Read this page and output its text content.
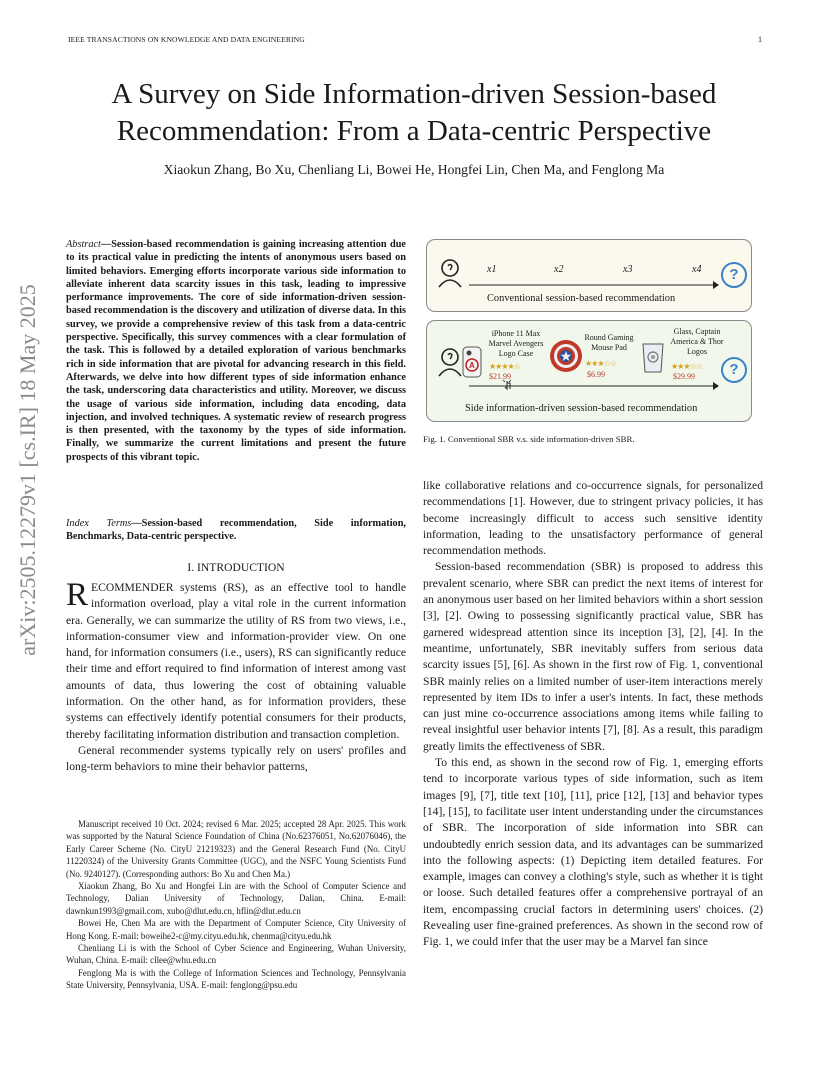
IEEE TRANSACTIONS ON KNOWLEDGE AND DATA ENGINEERING	1
A Survey on Side Information-driven Session-based
Recommendation: From a Data-centric Perspective
Xiaokun Zhang, Bo Xu, Chenliang Li, Bowei He, Hongfei Lin, Chen Ma, and Fenglong Ma
arXiv:2505.12279v1 [cs.IR] 18 May 2025
Abstract—Session-based recommendation is gaining increasing attention due to its practical value in predicting the intents of anonymous users based on limited behaviors. Emerging efforts incorporate various side information to alleviate inherent data scarcity issues in this task, leading to impressive performance improvements. The core of side information-driven session-based recommendation is the discovery and utilization of diverse data. In this survey, we provide a comprehensive review of this task from a data-centric perspective. Specifically, this survey commences with a clear formulation of the task. This is followed by a detailed exploration of various benchmarks rich in side information that are pivotal for advancing research in this field. Afterwards, we delve into how different types of side information enhance the task, underscoring data characteristics and utility. Moreover, we discuss the usage of various side information, including data encoding, data injection, and involved techniques. A systematic review of research progress is then presented, with the taxonomy by the types of side information. Finally, we summarize the current limitations and present the future prospects of this vibrant topic.
Index Terms—Session-based recommendation, Side information, Benchmarks, Data-centric perspective.
I. INTRODUCTION

RECOMMENDER systems (RS), as an effective tool to handle information overload, play a vital role in the current information era. Generally, we can summarize the utility of RS from two views, i.e., information-consumer view and information-provider view. On one hand, for information consumers (i.e., users), RS can significantly reduce their time and effort required to find information of interest among vast amounts of data, thus lowering the cost of obtaining valuable information. On the other hand, as for information providers, these systems can effectively identify potential consumers for their products, thereby facilitating information distribution and transaction completion.

General recommender systems typically rely on users' profiles and long-term behaviors to mine their behavior patterns,

Manuscript received 10 Oct. 2024; revised 6 Mar. 2025; accepted 28 Apr. 2025. This work was supported by the Natural Science Foundation of China (No.62376051, No.62076046), the Early Career Scheme (No. CityU 21219323) and the General Research Fund (No. CityU 11220324) of the University Grants Committee (UGC), and the NSFC Young Scientists Fund (No. 9240127). (Corresponding authors: Bo Xu and Chen Ma.)

Xiaokun Zhang, Bo Xu and Hongfei Lin are with the School of Computer Science and Technology, Dalian University of Technology, Dalian, China. E-mail: dawnkun1993@gmail.com, xubo@dlut.edu.cn, hflin@dlut.edu.cn

Bowei He, Chen Ma are with the Department of Computer Science, City University of Hong Kong. E-mail: boweihe2-c@my.cityu.edu.hk, chenma@cityu.edu.hk

Chenliang Li is with the School of Cyber Science and Engineering, Wuhan University, Wuhan, China. E-mail: cllee@whu.edu.cn

Fenglong Ma is with the College of Information Sciences and Technology, Pennsylvania State University, Pennsylvania, USA. E-mail: fenglong@psu.edu

x1	x2	x3	x4	?
Conventional session-based recommendation
A
iPhone 11 Max Marvel Avengers Logo Case
★★★★☆
$21.99
Round Gaming Mouse Pad
★★★☆☆
$6.99
Glass, Captain America & Thor Logos
★★★☆☆
$29.99	?
Side information-driven session-based recommendation
Fig. 1. Conventional SBR v.s. side information-driven SBR.

like collaborative relations and co-occurrence signals, for personalized recommendations [1]. However, due to stringent privacy policies, it has become increasingly difficult to access such sensitive identity information, leading to the unsatisfactory performance of general recommendation methods.

Session-based recommendation (SBR) is proposed to address this prevalent scenario, where SBR can predict the next items of interest for an anonymous user based on her limited behaviors within a short session [3], [2]. Owing to possessing significantly practical value, SBR has garnered widespread attention since its inception [3], [2], [4]. In the meantime, unfortunately, SBR inevitably suffers from serious data scarcity issues [5], [6]. As shown in the first row of Fig. 1, conventional SBR mainly relies on a limited number of user-item interactions merely represented by item IDs to infer a user's intents. In fact, these methods can just mine co-occurrence associations among items while failing to reveal insightful user behavior intents [7], [8]. As a result, this paradigm greatly limits the effectiveness of SBR.

To this end, as shown in the second row of Fig. 1, emerging efforts tend to incorporate various types of side information, such as item images [9], [7], title text [10], [11], price [12], [13] and behavior types [14], [15], to facilitate user intent understanding under the circumstances of SBR. The incorporation of side information into SBR can undoubtedly enrich session data, and its advantages can be summarized into the following aspects: (1) Depicting item detailed features. For example, images can convey a clothing's style, such as whether it is tight or loose. Such detailed features offer a comprehensive portrayal of an item, encompassing crucial factors in determining users' choices. (2) Revealing user fine-grained preferences. As shown in the second row of Fig. 1, we could infer that the user may be a Marvel fan since
